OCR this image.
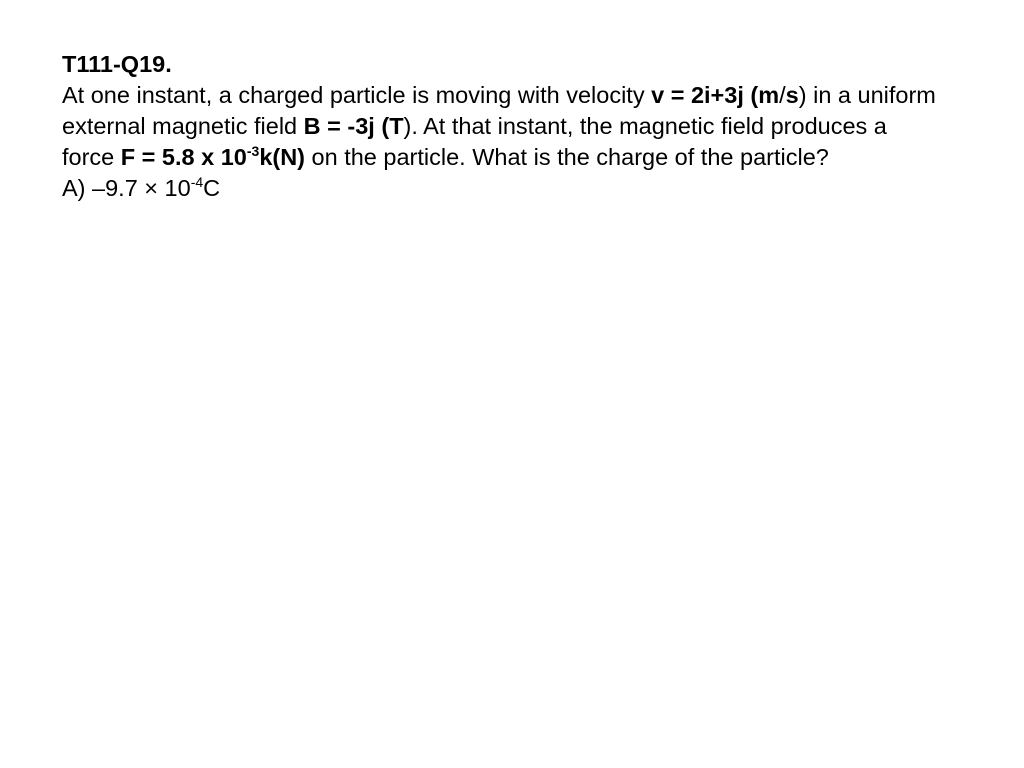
T111-Q19.
At one instant, a charged particle is moving with velocity v = 2i+3j (m/s) in a uniform
external magnetic field B = -3j (T). At that instant, the magnetic field produces a
force F = 5.8 x $10^{-3}k(N)$ on the particle. What is the charge of the particle?
A) $-9.7 \times 10^{-4}C$
